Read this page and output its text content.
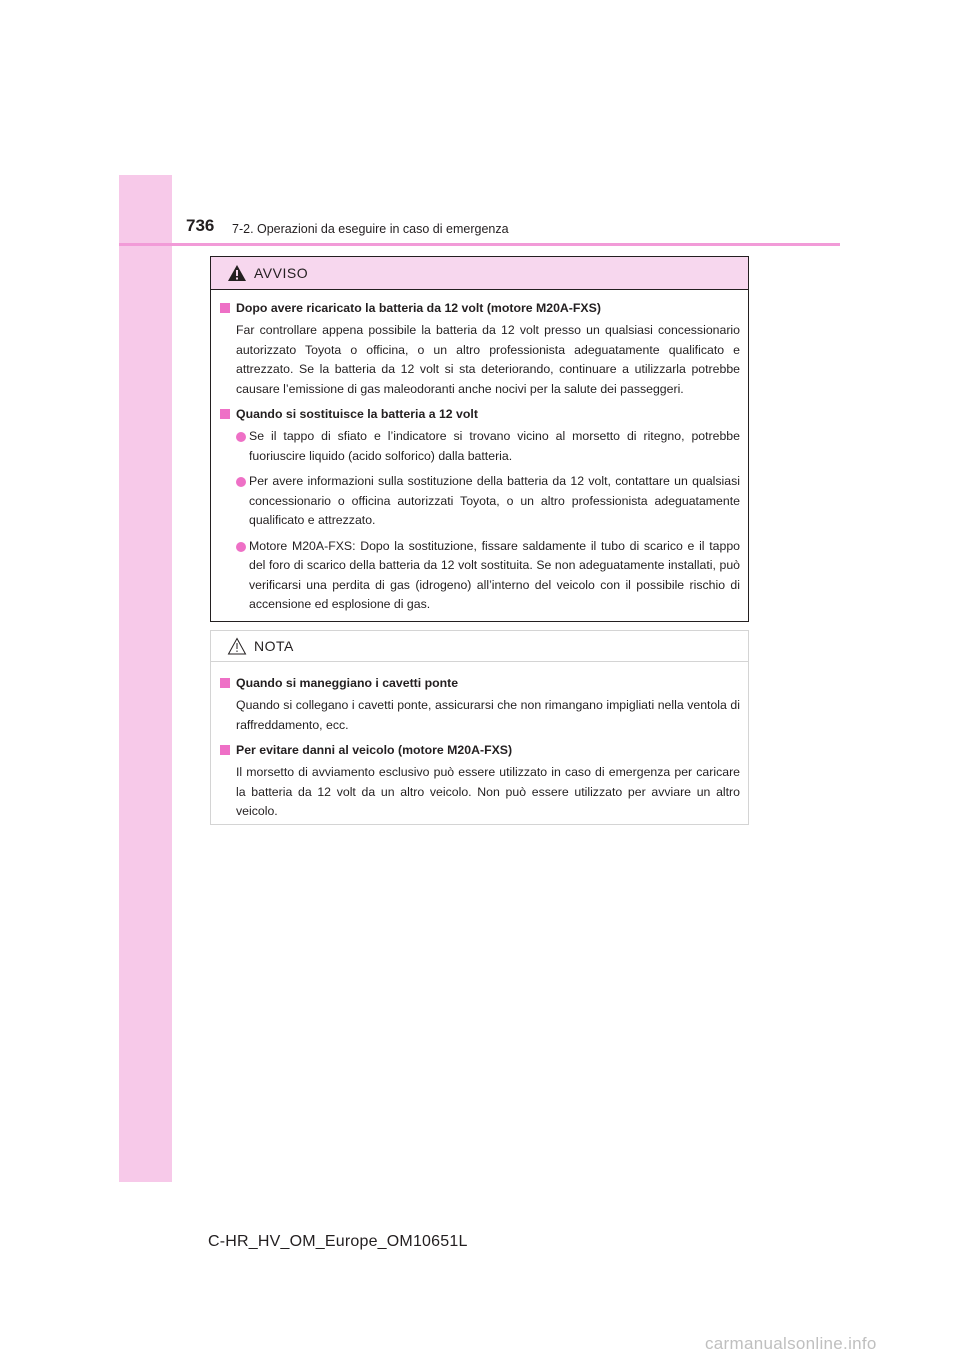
736 7-2. Operazioni da eseguire in caso di emergenza
AVVISO
Dopo avere ricaricato la batteria da 12 volt (motore M20A-FXS)
Far controllare appena possibile la batteria da 12 volt presso un qualsiasi concessionario autorizzato Toyota o officina, o un altro professionista adeguatamente qualificato e attrezzato. Se la batteria da 12 volt si sta deteriorando, continuare a utilizzarla potrebbe causare l’emissione di gas maleodoranti anche nocivi per la salute dei passeggeri.
Quando si sostituisce la batteria a 12 volt
Se il tappo di sfiato e l’indicatore si trovano vicino al morsetto di ritegno, potrebbe fuoriuscire liquido (acido solforico) dalla batteria.
Per avere informazioni sulla sostituzione della batteria da 12 volt, contattare un qualsiasi concessionario o officina autorizzati Toyota, o un altro professionista adeguatamente qualificato e attrezzato.
Motore M20A-FXS: Dopo la sostituzione, fissare saldamente il tubo di scarico e il tappo del foro di scarico della batteria da 12 volt sostituita. Se non adeguatamente installati, può verificarsi una perdita di gas (idrogeno) all’interno del veicolo con il possibile rischio di accensione ed esplosione di gas.
NOTA
Quando si maneggiano i cavetti ponte
Quando si collegano i cavetti ponte, assicurarsi che non rimangano impigliati nella ventola di raffreddamento, ecc.
Per evitare danni al veicolo (motore M20A-FXS)
Il morsetto di avviamento esclusivo può essere utilizzato in caso di emergenza per caricare la batteria da 12 volt da un altro veicolo. Non può essere utilizzato per avviare un altro veicolo.
C-HR_HV_OM_Europe_OM10651L
carmanualsonline.info
